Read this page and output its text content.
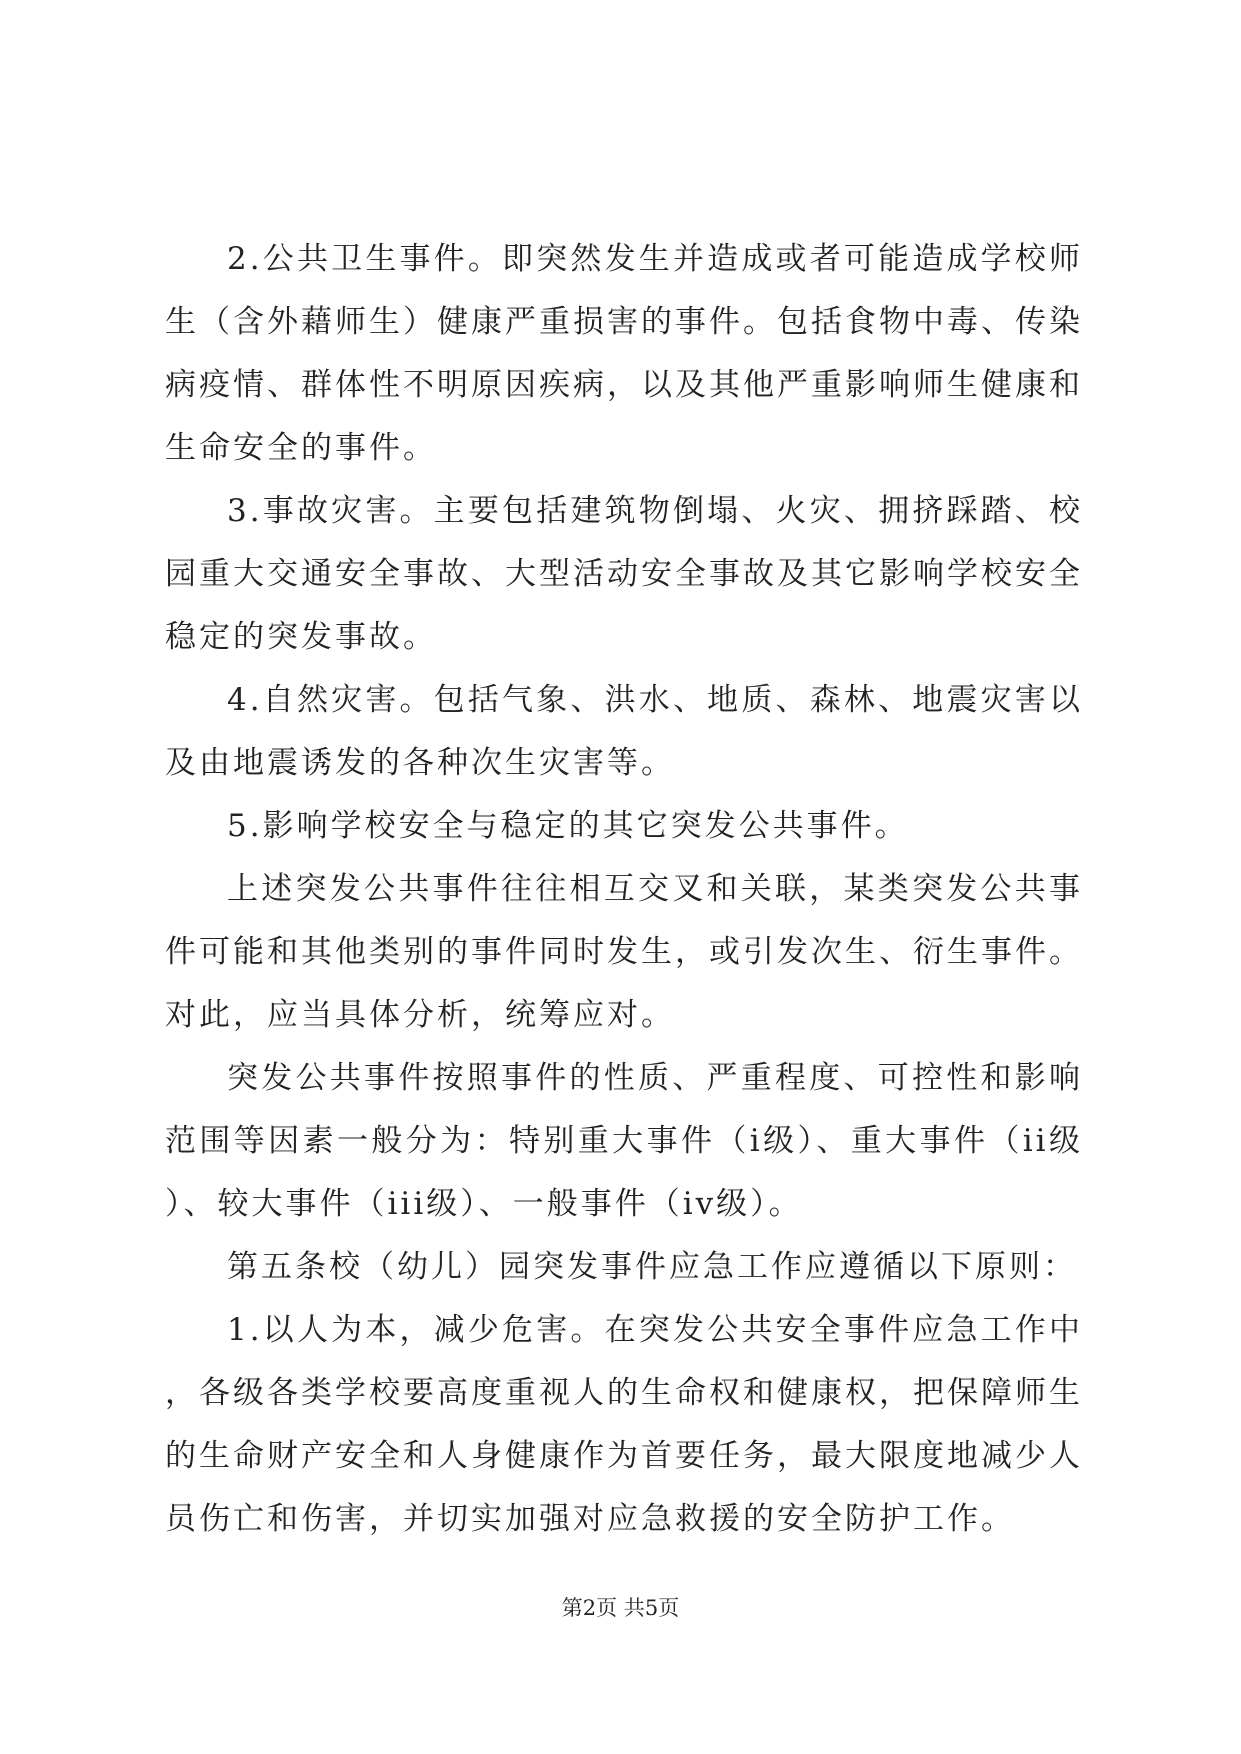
2.公共卫生事件。即突然发生并造成或者可能造成学校师生（含外藉师生）健康严重损害的事件。包括食物中毒、传染病疫情、群体性不明原因疾病，以及其他严重影响师生健康和生命安全的事件。

3.事故灾害。主要包括建筑物倒塌、火灾、拥挤踩踏、校园重大交通安全事故、大型活动安全事故及其它影响学校安全稳定的突发事故。

4.自然灾害。包括气象、洪水、地质、森林、地震灾害以及由地震诱发的各种次生灾害等。

5.影响学校安全与稳定的其它突发公共事件。

上述突发公共事件往往相互交叉和关联，某类突发公共事件可能和其他类别的事件同时发生，或引发次生、衍生事件。对此，应当具体分析，统筹应对。

突发公共事件按照事件的性质、严重程度、可控性和影响范围等因素一般分为：特别重大事件（i级）、重大事件（ii级）、较大事件（iii级）、一般事件（iv级）。

第五条校（幼儿）园突发事件应急工作应遵循以下原则：

1.以人为本，减少危害。在突发公共安全事件应急工作中，各级各类学校要高度重视人的生命权和健康权，把保障师生的生命财产安全和人身健康作为首要任务，最大限度地减少人员伤亡和伤害，并切实加强对应急救援的安全防护工作。

第2页 共5页
